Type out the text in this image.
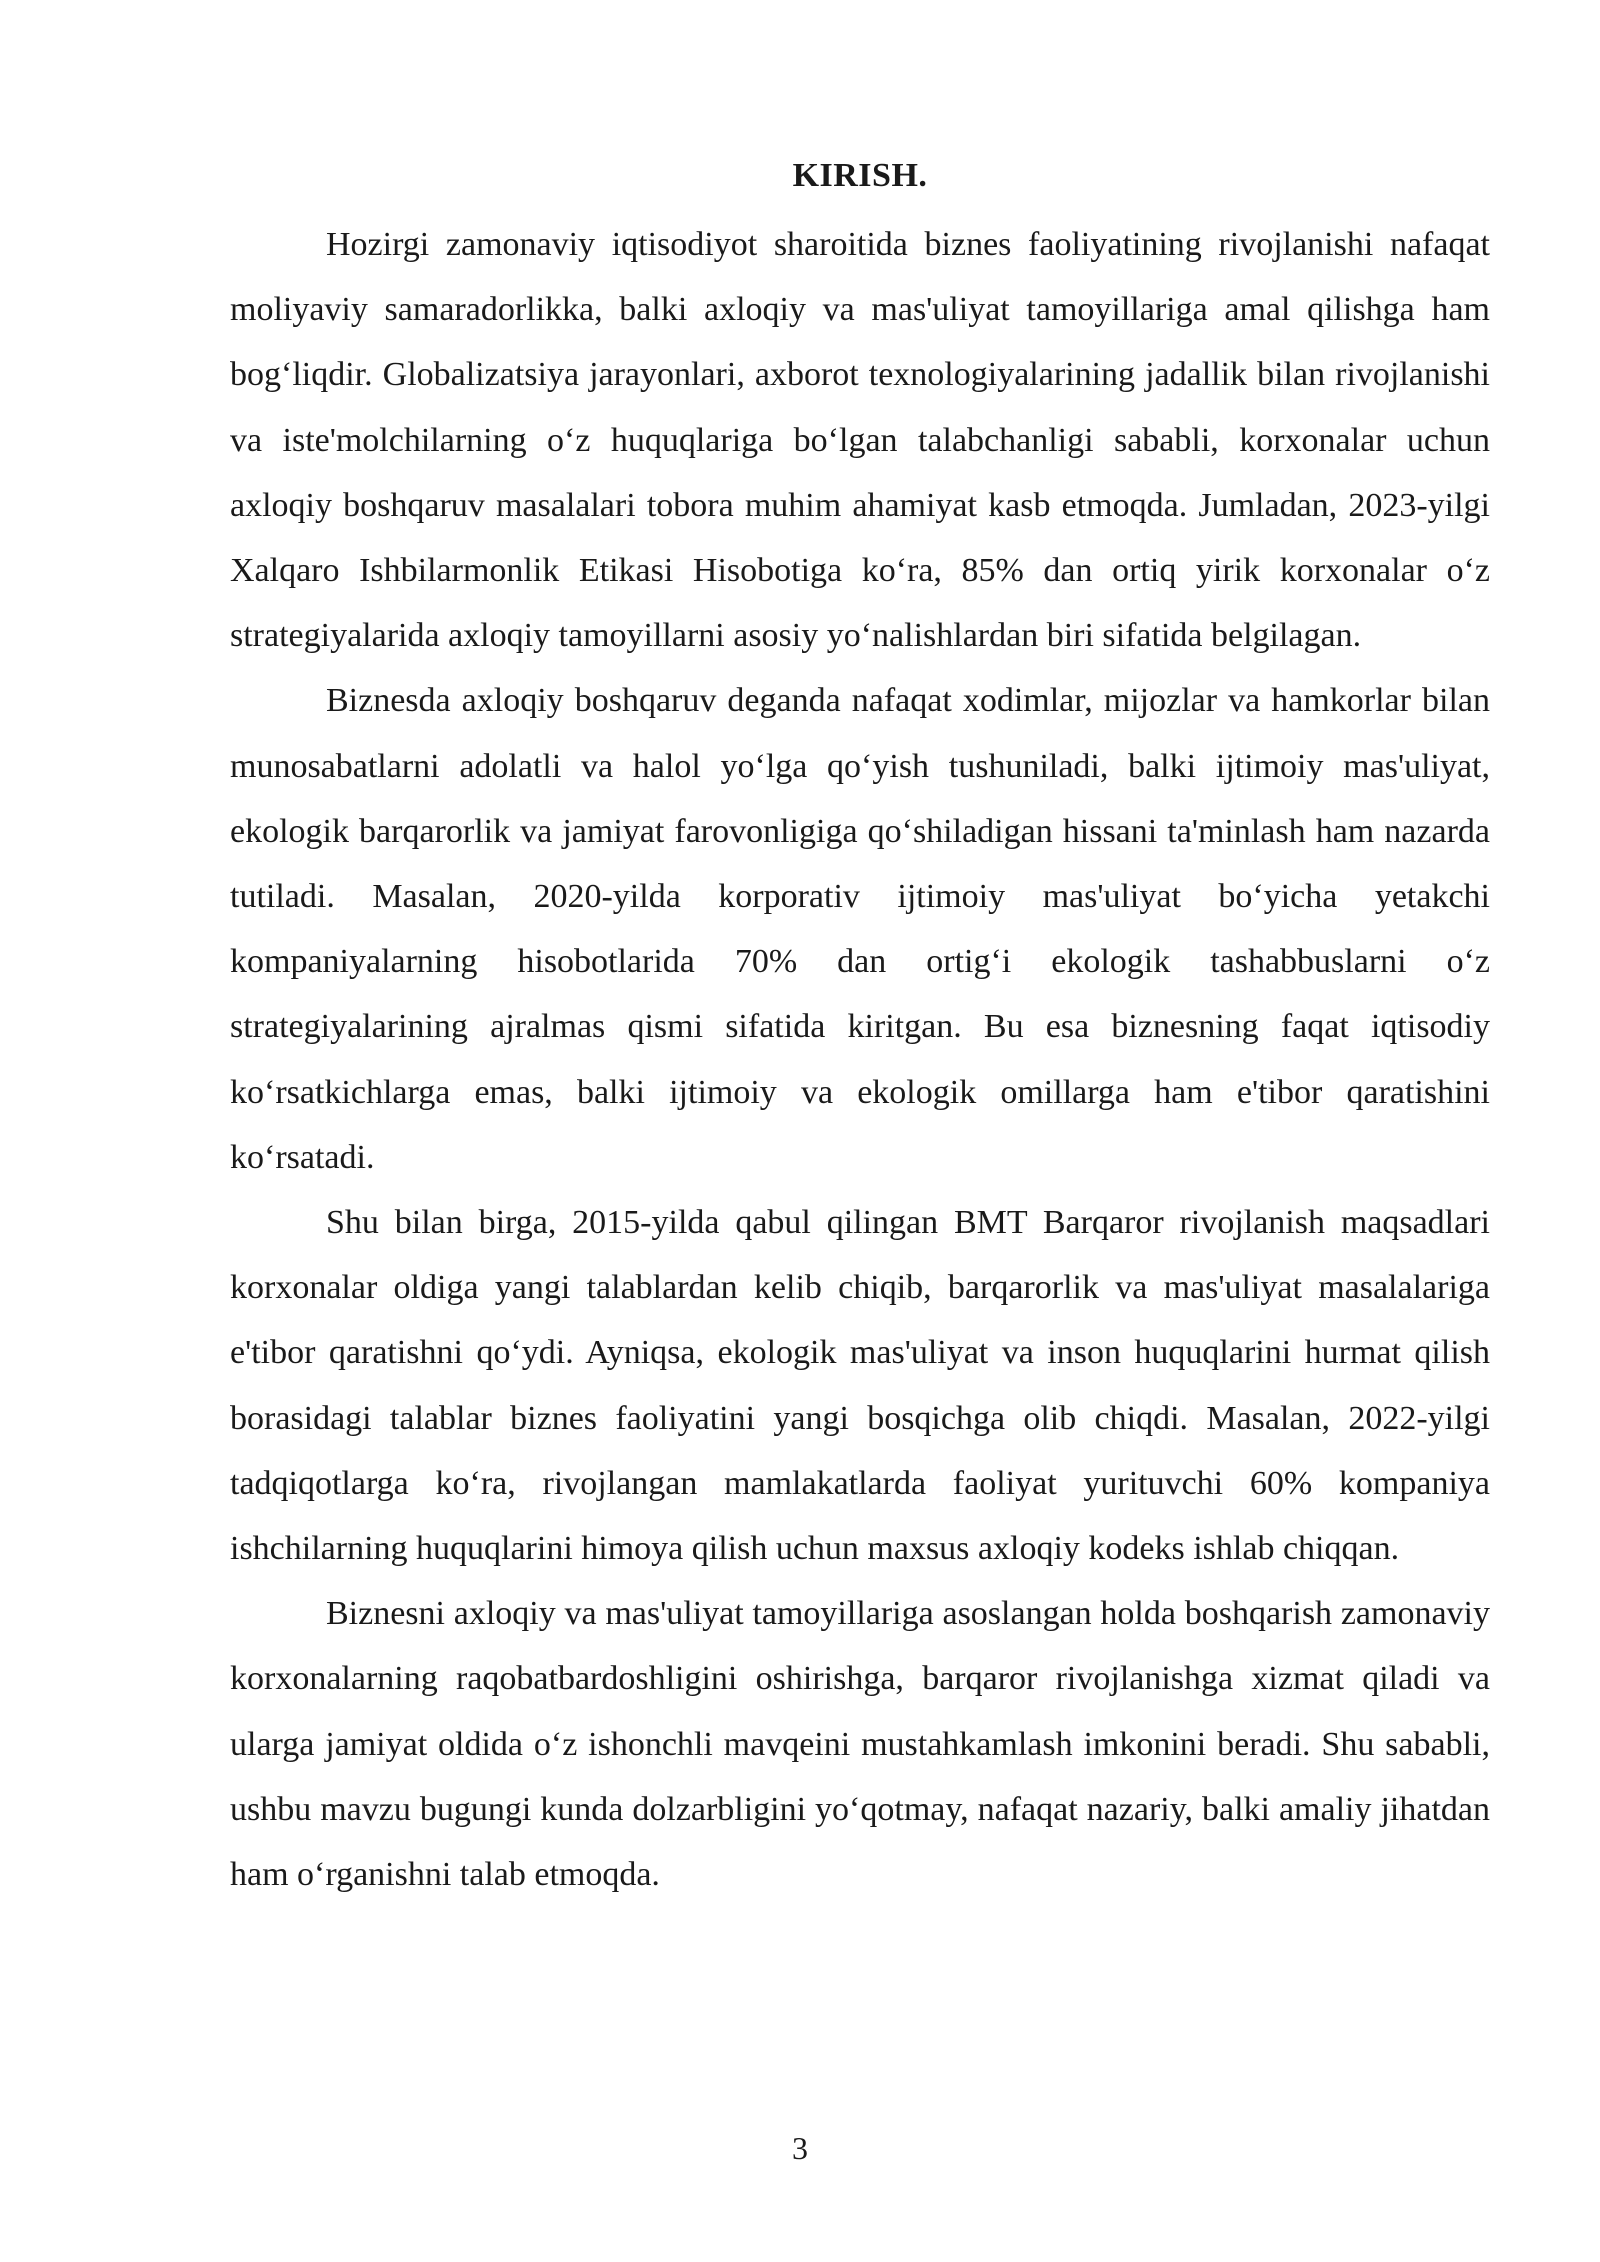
KIRISH.

Hozirgi zamonaviy iqtisodiyot sharoitida biznes faoliyatining rivojlanishi nafaqat moliyaviy samaradorlikka, balki axloqiy va mas'uliyat tamoyillariga amal qilishga ham bog‘liqdir. Globalizatsiya jarayonlari, axborot texnologiyalarining jadallik bilan rivojlanishi va iste'molchilarning o‘z huquqlariga bo‘lgan talabchanligi sababli, korxonalar uchun axloqiy boshqaruv masalalari tobora muhim ahamiyat kasb etmoqda. Jumladan, 2023-yilgi Xalqaro Ishbilarmonlik Etikasi Hisobotiga ko‘ra, 85% dan ortiq yirik korxonalar o‘z strategiyalarida axloqiy tamoyillarni asosiy yo‘nalishlardan biri sifatida belgilagan.

Biznesda axloqiy boshqaruv deganda nafaqat xodimlar, mijozlar va hamkorlar bilan munosabatlarni adolatli va halol yo‘lga qo‘yish tushuniladi, balki ijtimoiy mas'uliyat, ekologik barqarorlik va jamiyat farovonligiga qo‘shiladigan hissani ta'minlash ham nazarda tutiladi. Masalan, 2020-yilda korporativ ijtimoiy mas'uliyat bo‘yicha yetakchi kompaniyalarning hisobotlarida 70% dan ortig‘i ekologik tashabbuslarni o‘z strategiyalarining ajralmas qismi sifatida kiritgan. Bu esa biznesning faqat iqtisodiy ko‘rsatkichlarga emas, balki ijtimoiy va ekologik omillarga ham e'tibor qaratishini ko‘rsatadi.

Shu bilan birga, 2015-yilda qabul qilingan BMT Barqaror rivojlanish maqsadlari korxonalar oldiga yangi talablardan kelib chiqib, barqarorlik va mas'uliyat masalalariga e'tibor qaratishni qo‘ydi. Ayniqsa, ekologik mas'uliyat va inson huquqlarini hurmat qilish borasidagi talablar biznes faoliyatini yangi bosqichga olib chiqdi. Masalan, 2022-yilgi tadqiqotlarga ko‘ra, rivojlangan mamlakatlarda faoliyat yurituvchi 60% kompaniya ishchilarning huquqlarini himoya qilish uchun maxsus axloqiy kodeks ishlab chiqqan.

Biznesni axloqiy va mas'uliyat tamoyillariga asoslangan holda boshqarish zamonaviy korxonalarning raqobatbardoshligini oshirishga, barqaror rivojlanishga xizmat qiladi va ularga jamiyat oldida o‘z ishonchli mavqeini mustahkamlash imkonini beradi. Shu sababli, ushbu mavzu bugungi kunda dolzarbligini yo‘qotmay, nafaqat nazariy, balki amaliy jihatdan ham o‘rganishni talab etmoqda.

3
